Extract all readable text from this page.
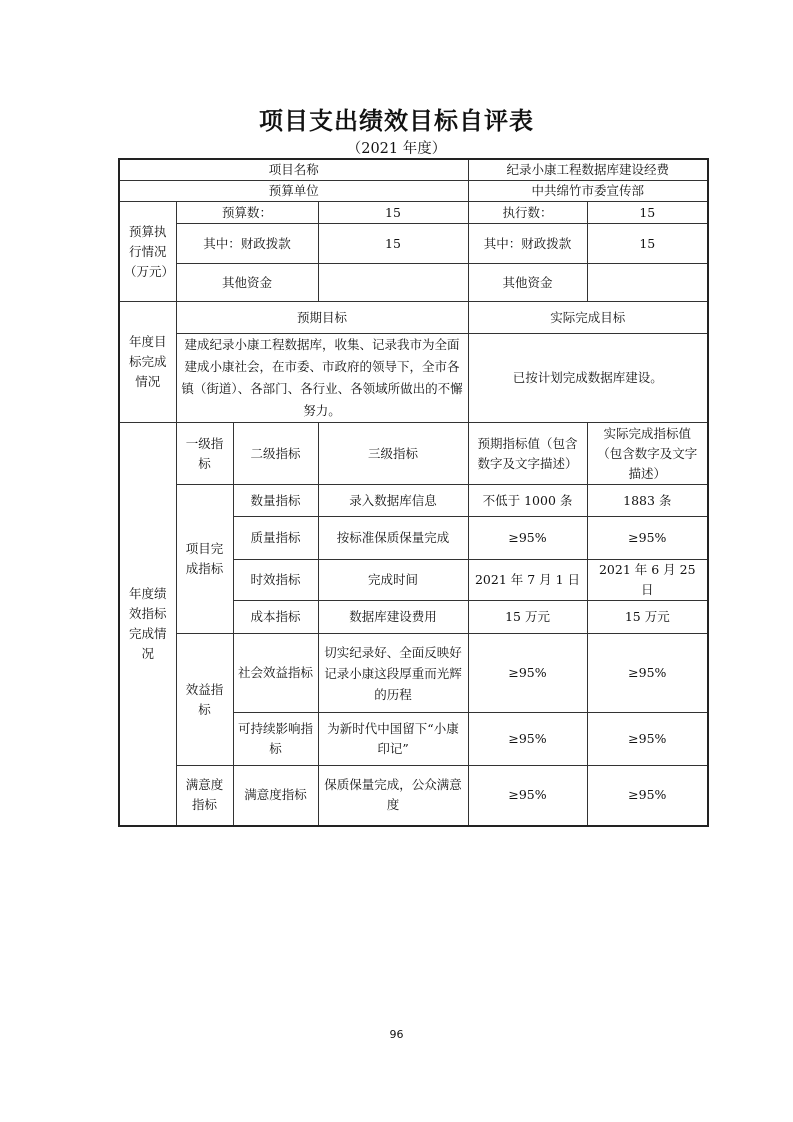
项目支出绩效目标自评表
（2021 年度）
项目名称				纪录小康工程数据库建设经费	
预算单位				中共绵竹市委宣传部	
预算执行情况（万元）	预算数：		15	执行数：	15
	其中：财政拨款		15	其中：财政拨款	15
	其他资金			其他资金	
年度目标完成情况	预期目标			实际完成目标	
	建成纪录小康工程数据库，收集、记录我市为全面建成小康社会，在市委、市政府的领导下，全市各镇（街道）、各部门、各行业、各领域所做出的不懈努力。			已按计划完成数据库建设。	
年度绩效指标完成情况	一级指标	二级指标	三级指标	预期指标值（包含数字及文字描述）	实际完成指标值（包含数字及文字描述）
	项目完成指标	数量指标	录入数据库信息	不低于 1000 条	1883 条
		质量指标	按标准保质保量完成	≥95%	≥95%
		时效指标	完成时间	2021 年 7 月 1 日	2021 年 6 月 25 日
		成本指标	数据库建设费用	15 万元	15 万元
	效益指标	社会效益指标	切实纪录好、全面反映好记录小康这段厚重而光辉的历程	≥95%	≥95%
		可持续影响指标	为新时代中国留下“小康印记”	≥95%	≥95%
	满意度指标	满意度指标	保质保量完成，公众满意度	≥95%	≥95%
96
